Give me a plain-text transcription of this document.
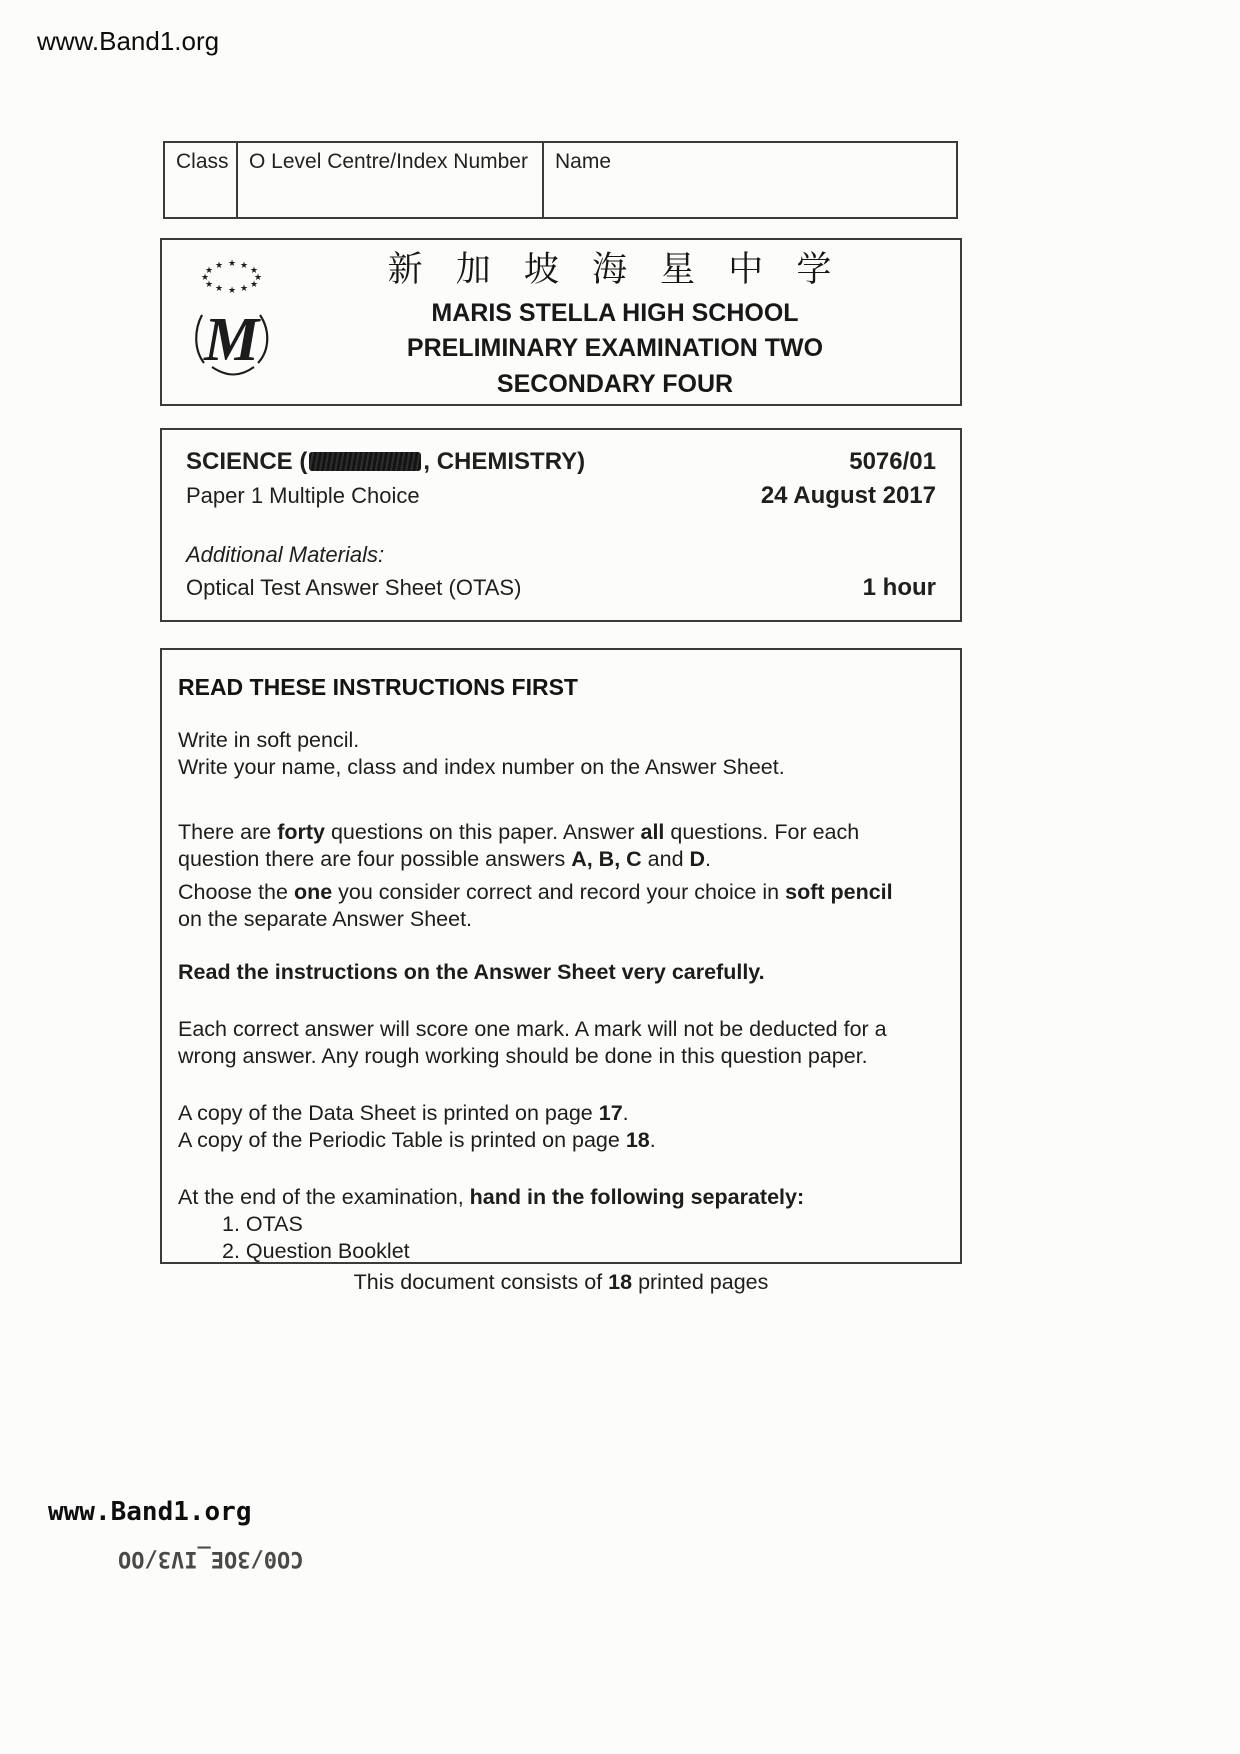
www.Band1.org
Class	O Level Centre/Index Number	Name
★
★
★
★
★
★
★
★ ★ ★ ★ ★
M
新 加 坡 海 星 中 学
MARIS STELLA HIGH SCHOOL
PRELIMINARY EXAMINATION TWO
SECONDARY FOUR
SCIENCE (	, CHEMISTRY)	5076/01
Paper 1 Multiple Choice	24 August 2017
Additional Materials:
Optical Test Answer Sheet (OTAS)	1 hour
READ THESE INSTRUCTIONS FIRST
Write in soft pencil.
Write your name, class and index number on the Answer Sheet.
There are forty questions on this paper. Answer all questions. For each question there are four possible answers A, B, C and D.
Choose the one you consider correct and record your choice in soft pencil on the separate Answer Sheet.
Read the instructions on the Answer Sheet very carefully.
Each correct answer will score one mark. A mark will not be deducted for a wrong answer. Any rough working should be done in this question paper.
A copy of the Data Sheet is printed on page 17.
A copy of the Periodic Table is printed on page 18.
At the end of the examination, hand in the following separately:
1. OTAS
2. Question Booklet
This document consists of 18 printed pages
www.Band1.org
CO0/3OE_IV3/OO
